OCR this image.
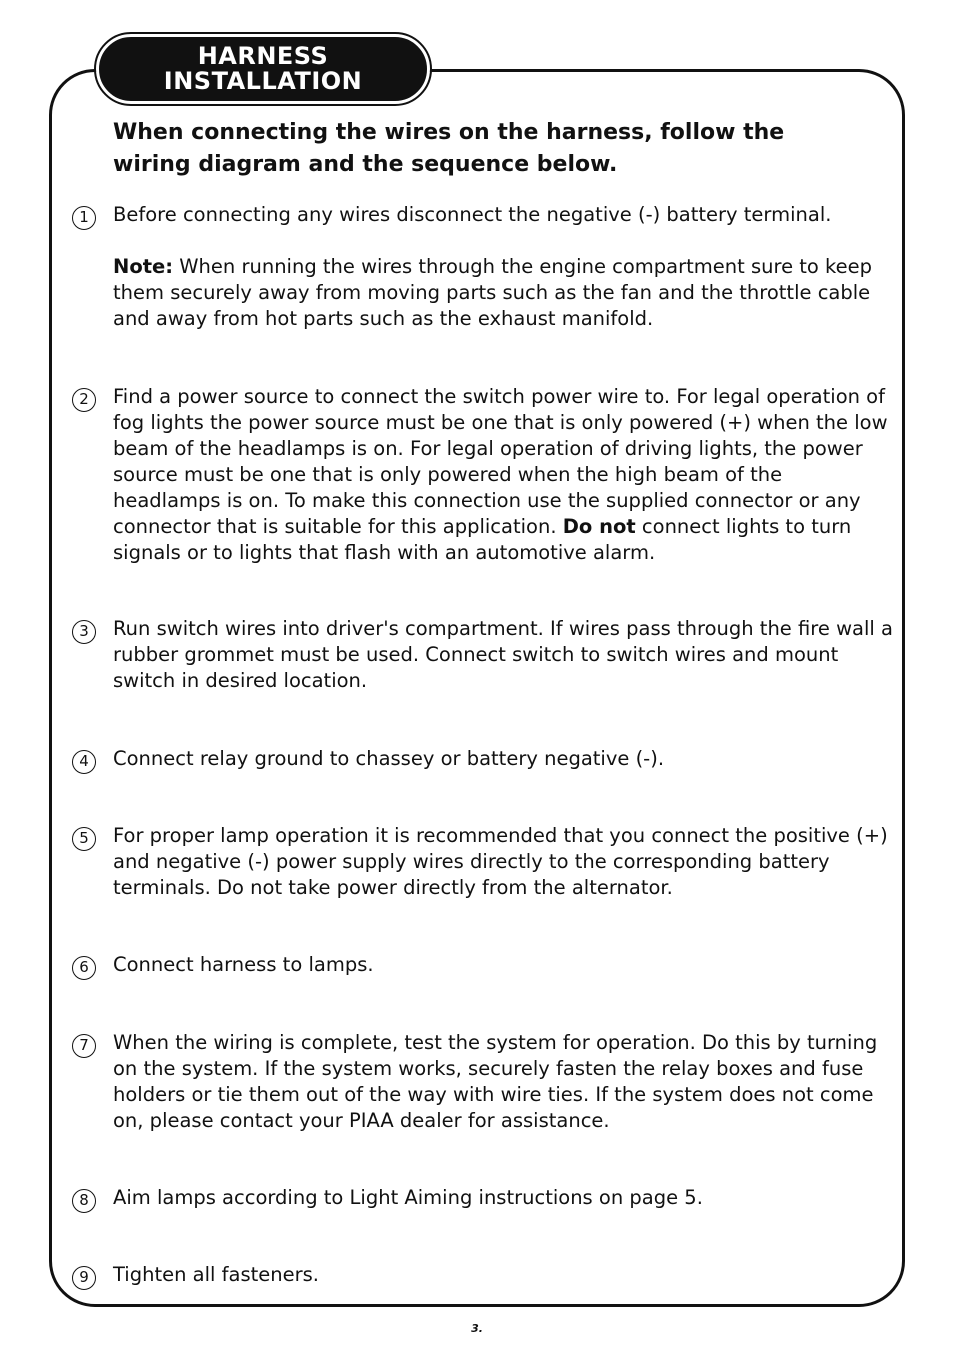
HARNESS
INSTALLATION
When connecting the wires on the harness, follow the wiring diagram and the sequence below.
1	Before connecting any wires disconnect the negative (-) battery terminal.

Note: When running the wires through the engine compartment sure to keep them securely away from moving parts such as the fan and the throttle cable and away from hot parts such as the exhaust manifold.

2	Find a power source to connect the switch power wire to. For legal operation of fog lights the power source must be one that is only powered (+) when the low beam of the headlamps is on. For legal operation of driving lights, the power source must be one that is only powered when the high beam of the headlamps is on. To make this connection use the supplied connector or any connector that is suitable for this application. Do not connect lights to turn signals or to lights that flash with an automotive alarm.

3	Run switch wires into driver's compartment. If wires pass through the fire wall a rubber grommet must be used. Connect switch to switch wires and mount switch in desired location.

4	Connect relay ground to chassey or battery negative (-).

5	For proper lamp operation it is recommended that you connect the positive (+) and negative (-) power supply wires directly to the corresponding battery terminals. Do not take power directly from the alternator.

6	Connect harness to lamps.

7	When the wiring is complete, test the system for operation. Do this by turning on the system. If the system works, securely fasten the relay boxes and fuse holders or tie them out of the way with wire ties. If the system does not come on, please contact your PIAA dealer for assistance.

8	Aim lamps according to Light Aiming instructions on page 5.

9	Tighten all fasteners.

3.
